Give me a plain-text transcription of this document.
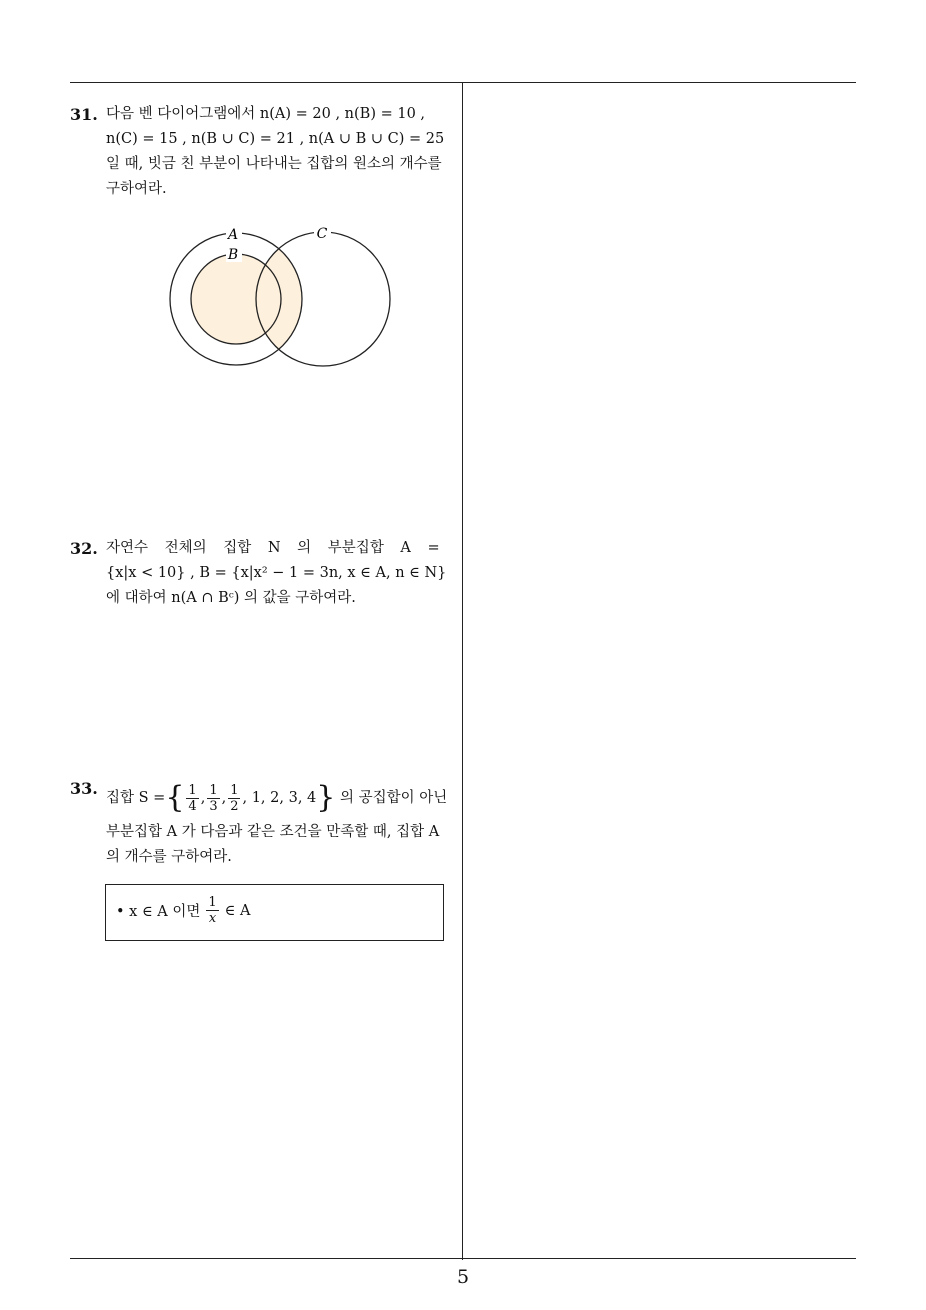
31. 다음 벤 다이어그램에서 n(A) = 20 , n(B) = 10 ,
n(C) = 15 , n(B ∪ C) = 21 , n(A ∪ B ∪ C) = 25
일 때, 빗금 친 부분이 나타내는 집합의 원소의 개수를
구하여라.
A
B
C
32. 자연수 전체의 집합 N 의 부분집합 A =
{x|x < 10} , B = {x|x² − 1 = 3n, x ∈ A, n ∈ N}
에 대하여 n(A ∩ Bᶜ) 의 값을 구하여라.
33. 집합 S = { $\frac{1}{4}$ , $\frac{1}{3}$ , $\frac{1}{2}$ , 1, 2, 3, 4 }
의 공집합이 아닌
부분집합 A 가 다음과 같은 조건을 만족할 때, 집합 A
의 개수를 구하여라.
• x ∈ A 이면 $\frac{1}{x}$ ∈ A
5
